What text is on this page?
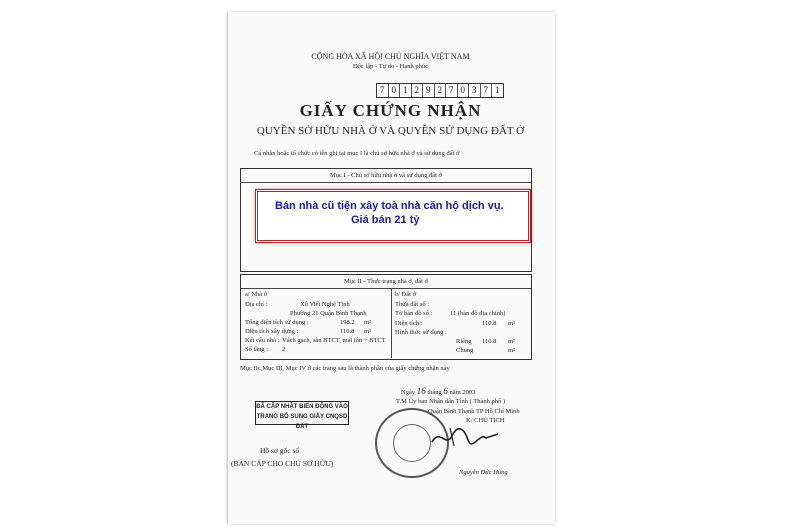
CỘNG HÒA XÃ HỘI CHỦ NGHĨA VIỆT NAM
Độc lập - Tự do - Hạnh phúc
7 0 1 2 9 2 7 0 3 7 1
GIẤY CHỨNG NHẬN
QUYỀN SỞ HỮU NHÀ Ở VÀ QUYỀN SỬ DỤNG ĐẤT Ở
Cá nhân hoặc tổ chức có tên ghi tại mục I là chủ sở hữu nhà ở và sử dụng đất ở
Mục I - Chủ sở hữu nhà ở và sử dụng đất ở
Bán nhà cũ tiện xây toà nhà căn hộ dịch vụ.
Giá bán 21 tỷ
Mục II - Thực trạng nhà ở, đất ở
a/ Nhà ở
Địa chỉ :	Xô Viết Nghệ Tĩnh
Phường 21 Quận Bình Thạnh
Tổng diện tích sử dụng :	198.2 m²
Diện tích xây dựng :	110.8 m²
Kết cấu nhà : Vách gạch, sàn BTCT, mái tôn + BTCT
Số tầng : 2
b/ Đất ở
Thửa đất số :
Tờ bản đồ số :	11 (bản đồ địa chính)
Diện tích :	110.8 m²
Hình thức sử dụng :
Riêng 110.8 m²
Chung	m²
Mục IIc,Mục III, Mục IV ở các trang sau là thành phần của giấy chứng nhận này
Ngày 16 tháng 6 năm 2003
T.M Ủy ban Nhân dân Tỉnh ( Thành phố )
Quận Bình Thạnh TP Hồ Chí Minh
K/ CHỦ TỊCH
ĐÃ CẬP NHẬT BIẾN ĐỘNG VÀO
TRANG BỔ SUNG GIẤY CNQSD ĐẤT
Hồ sơ gốc số
(BẢN CẤP CHO CHỦ SỞ HỮU)
Nguyễn Đức Hùng
